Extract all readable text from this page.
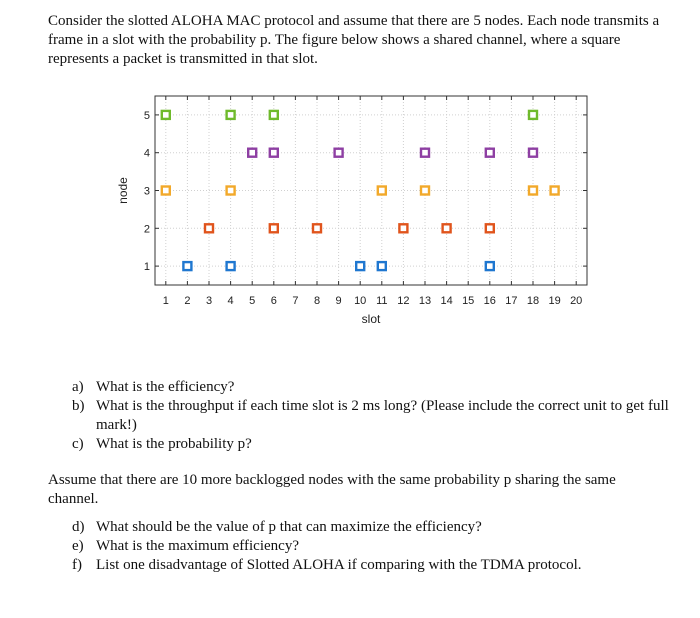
Consider the slotted ALOHA MAC protocol and assume that there are 5 nodes. Each node transmits a frame in a slot with the probability p. The figure below shows a shared channel, where a square represents a packet is transmitted in that slot.

1 2 3 4 5 6 7 8 9 10 11 12 13 14 15 16 17 18 19 20
1
2
3
4
5
slot
node
a) What is the efficiency?
b) What is the throughput if each time slot is 2 ms long? (Please include the correct unit to get full mark!)
c) What is the probability p?

Assume that there are 10 more backlogged nodes with the same probability p sharing the same channel.

d) What should be the value of p that can maximize the efficiency?
e) What is the maximum efficiency?
f) List one disadvantage of Slotted ALOHA if comparing with the TDMA protocol.
